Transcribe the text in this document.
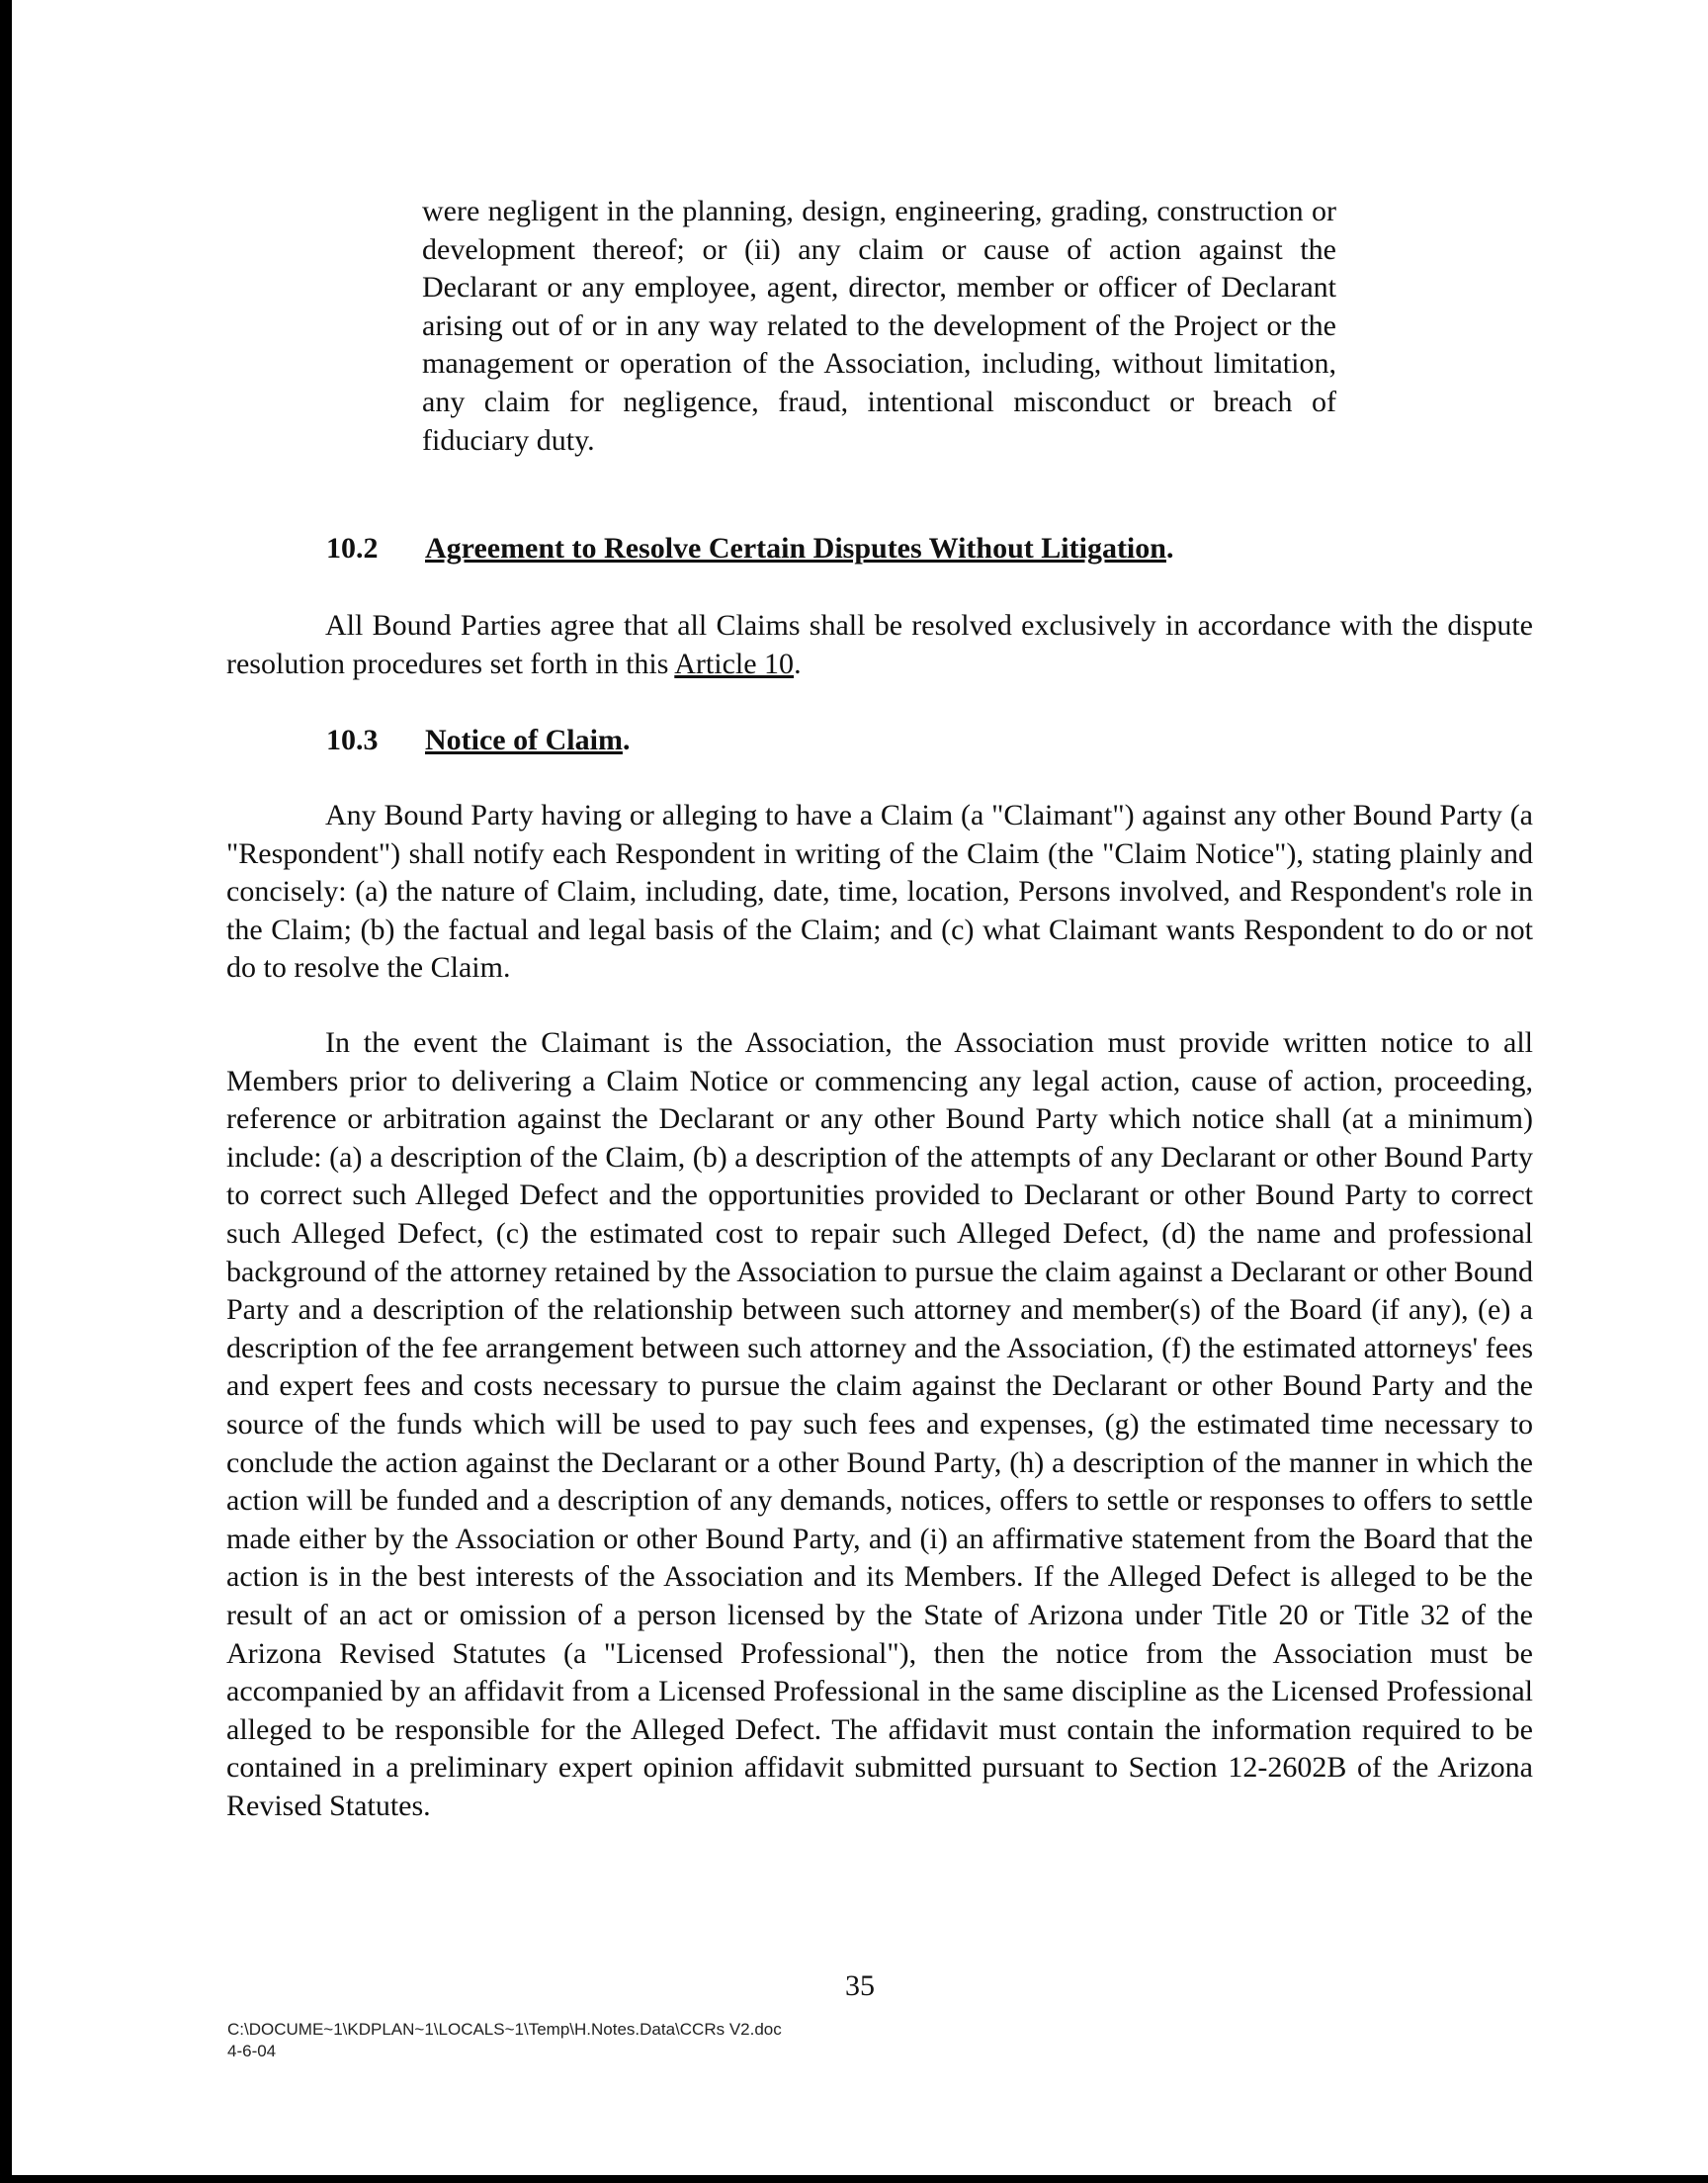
were negligent in the planning, design, engineering, grading, construction or development thereof; or (ii) any claim or cause of action against the Declarant or any employee, agent, director, member or officer of Declarant arising out of or in any way related to the development of the Project or the management or operation of the Association, including, without limitation, any claim for negligence, fraud, intentional misconduct or breach of fiduciary duty.

10.2 Agreement to Resolve Certain Disputes Without Litigation.

All Bound Parties agree that all Claims shall be resolved exclusively in accordance with the dispute resolution procedures set forth in this Article 10.

10.3 Notice of Claim.

Any Bound Party having or alleging to have a Claim (a "Claimant") against any other Bound Party (a "Respondent") shall notify each Respondent in writing of the Claim (the "Claim Notice"), stating plainly and concisely: (a) the nature of Claim, including, date, time, location, Persons involved, and Respondent's role in the Claim; (b) the factual and legal basis of the Claim; and (c) what Claimant wants Respondent to do or not do to resolve the Claim.

In the event the Claimant is the Association, the Association must provide written notice to all Members prior to delivering a Claim Notice or commencing any legal action, cause of action, proceeding, reference or arbitration against the Declarant or any other Bound Party which notice shall (at a minimum) include: (a) a description of the Claim, (b) a description of the attempts of any Declarant or other Bound Party to correct such Alleged Defect and the opportunities provided to Declarant or other Bound Party to correct such Alleged Defect, (c) the estimated cost to repair such Alleged Defect, (d) the name and professional background of the attorney retained by the Association to pursue the claim against a Declarant or other Bound Party and a description of the relationship between such attorney and member(s) of the Board (if any), (e) a description of the fee arrangement between such attorney and the Association, (f) the estimated attorneys' fees and expert fees and costs necessary to pursue the claim against the Declarant or other Bound Party and the source of the funds which will be used to pay such fees and expenses, (g) the estimated time necessary to conclude the action against the Declarant or a other Bound Party, (h) a description of the manner in which the action will be funded and a description of any demands, notices, offers to settle or responses to offers to settle made either by the Association or other Bound Party, and (i) an affirmative statement from the Board that the action is in the best interests of the Association and its Members. If the Alleged Defect is alleged to be the result of an act or omission of a person licensed by the State of Arizona under Title 20 or Title 32 of the Arizona Revised Statutes (a "Licensed Professional"), then the notice from the Association must be accompanied by an affidavit from a Licensed Professional in the same discipline as the Licensed Professional alleged to be responsible for the Alleged Defect. The affidavit must contain the information required to be contained in a preliminary expert opinion affidavit submitted pursuant to Section 12-2602B of the Arizona Revised Statutes.

35

C:\DOCUME~1\KDPLAN~1\LOCALS~1\Temp\H.Notes.Data\CCRs V2.doc
4-6-04
